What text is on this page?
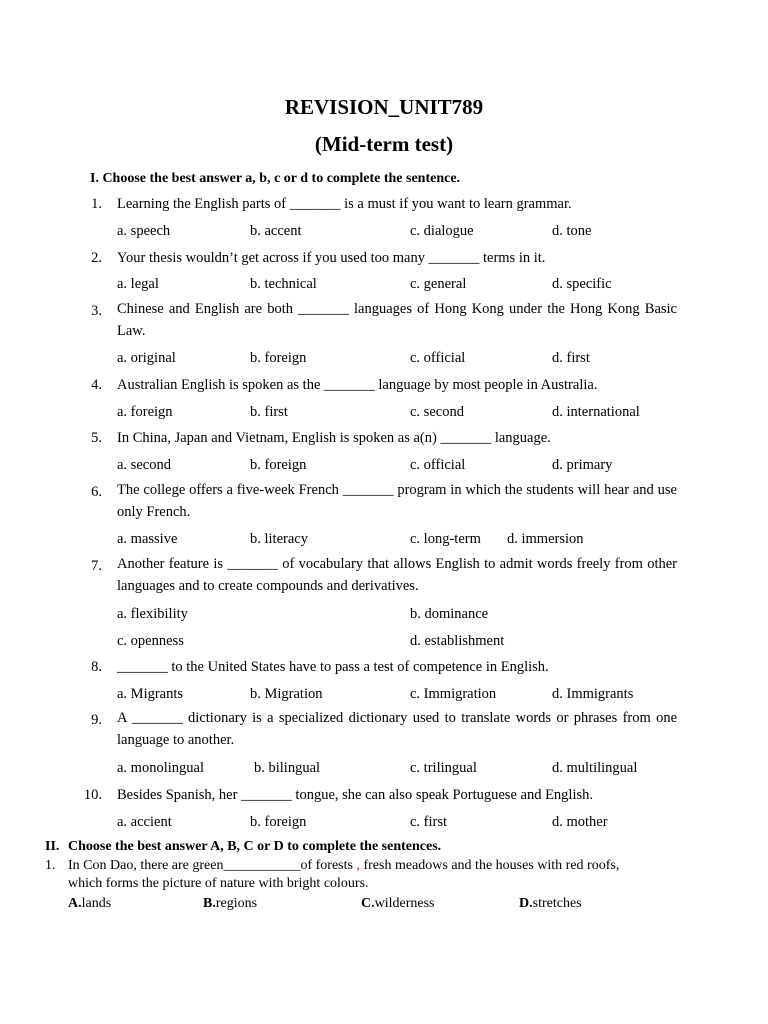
REVISION_UNIT789
(Mid-term test)
I. Choose the best answer a, b, c or d to complete the sentence.
1. Learning the English parts of _______ is a must if you want to learn grammar.
a. speech	b. accent	c. dialogue	d. tone
2. Your thesis wouldn’t get across if you used too many _______ terms in it.
a. legal	b. technical	c. general	d. specific
3. Chinese and English are both _______ languages of Hong Kong under the Hong Kong Basic Law.
a. original	b. foreign	c. official	d. first
4. Australian English is spoken as the _______ language by most people in Australia.
a. foreign	b. first	c. second	d. international
5. In China, Japan and Vietnam, English is spoken as a(n) _______ language.
a. second	b. foreign	c. official	d. primary
6. The college offers a five-week French _______ program in which the students will hear and use only French.
a. massive	b. literacy	c. long-term d. immersion
7. Another feature is _______ of vocabulary that allows English to admit words freely from other languages and to create compounds and derivatives.
a. flexibility	b. dominance
c. openness	d. establishment
8. _______ to the United States have to pass a test of competence in English.
a. Migrants	b. Migration	c. Immigration	d. Immigrants
9. A _______ dictionary is a specialized dictionary used to translate words or phrases from one language to another.
a. monolingual	b. bilingual	c. trilingual	d. multilingual
10. Besides Spanish, her _______ tongue, she can also speak Portuguese and English.
a. accient	b. foreign	c. first	d. mother
II. Choose the best answer A, B, C or D to complete the sentences.
1. In Con Dao, there are green___________of forests , fresh meadows and the houses with red roofs,
which forms the picture of nature with bright colours.
A.lands	B.regions	C.wilderness	D.stretches
